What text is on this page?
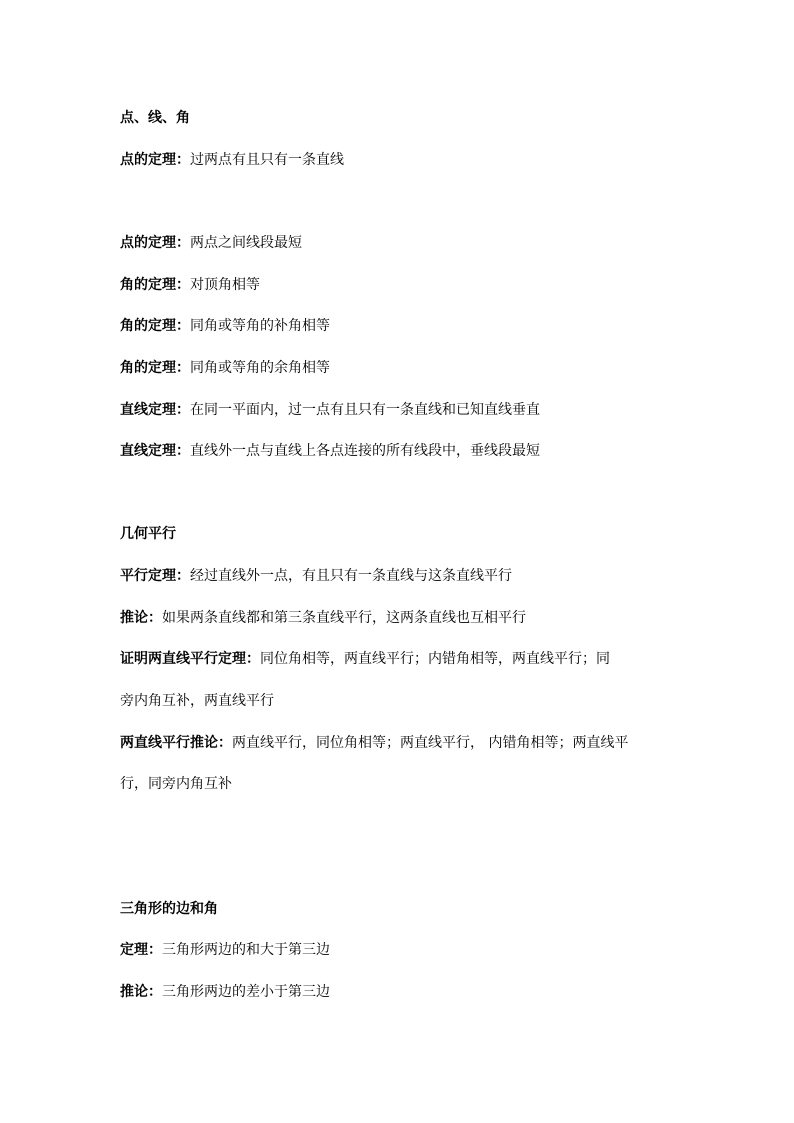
点、线、角
点的定理：过两点有且只有一条直线
点的定理：两点之间线段最短
角的定理：对顶角相等
角的定理：同角或等角的补角相等
角的定理：同角或等角的余角相等
直线定理：在同一平面内，过一点有且只有一条直线和已知直线垂直
直线定理：直线外一点与直线上各点连接的所有线段中，垂线段最短
几何平行
平行定理：经过直线外一点，有且只有一条直线与这条直线平行
推论：如果两条直线都和第三条直线平行，这两条直线也互相平行
证明两直线平行定理：同位角相等，两直线平行；内错角相等，两直线平行；同
旁内角互补，两直线平行
两直线平行推论：两直线平行，同位角相等；两直线平行， 内错角相等；两直线平
行，同旁内角互补
三角形的边和角
定理：三角形两边的和大于第三边
推论：三角形两边的差小于第三边
